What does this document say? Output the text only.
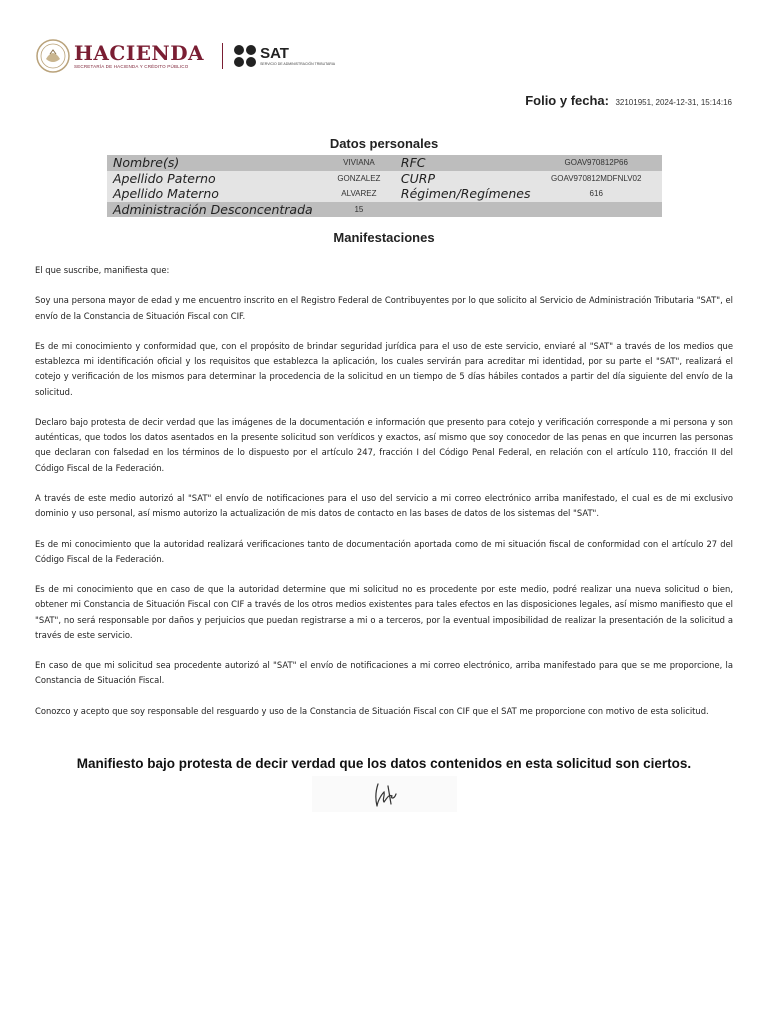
HACIENDA
SECRETARÍA DE HACIENDA Y CRÉDITO PÚBLICO
SAT
SERVICIO DE ADMINISTRACIÓN TRIBUTARIA
Folio y fecha: 32101951, 2024-12-31, 15:14:16
Datos personales
Nombre(s)	VIVIANA	RFC	GOAV970812P66
Apellido Paterno	GONZALEZ	CURP	GOAV970812MDFNLV02
Apellido Materno	ALVAREZ	Régimen/Regímenes	616
Administración Desconcentrada	15		
Manifestaciones

El que suscribe, manifiesta que:

Soy una persona mayor de edad y me encuentro inscrito en el Registro Federal de Contribuyentes por lo que solicito al Servicio de Administración Tributaria "SAT", el envío de la Constancia de Situación Fiscal con CIF.

Es de mi conocimiento y conformidad que, con el propósito de brindar seguridad jurídica para el uso de este servicio, enviaré al "SAT" a través de los medios que establezca mi identificación oficial y los requisitos que establezca la aplicación, los cuales servirán para acreditar mi identidad, por su parte el "SAT", realizará el cotejo y verificación de los mismos para determinar la procedencia de la solicitud en un tiempo de 5 días hábiles contados a partir del día siguiente del envío de la solicitud.

Declaro bajo protesta de decir verdad que las imágenes de la documentación e información que presento para cotejo y verificación corresponde a mi persona y son auténticas, que todos los datos asentados en la presente solicitud son verídicos y exactos, así mismo que soy conocedor de las penas en que incurren las personas que declaran con falsedad en los términos de lo dispuesto por el artículo 247, fracción I del Código Penal Federal, en relación con el artículo 110, fracción II del Código Fiscal de la Federación.

A través de este medio autorizó al "SAT" el envío de notificaciones para el uso del servicio a mi correo electrónico arriba manifestado, el cual es de mi exclusivo dominio y uso personal, así mismo autorizo la actualización de mis datos de contacto en las bases de datos de los sistemas del "SAT".

Es de mi conocimiento que la autoridad realizará verificaciones tanto de documentación aportada como de mi situación fiscal de conformidad con el artículo 27 del Código Fiscal de la Federación.

Es de mi conocimiento que en caso de que la autoridad determine que mi solicitud no es procedente por este medio, podré realizar una nueva solicitud o bien, obtener mi Constancia de Situación Fiscal con CIF a través de los otros medios existentes para tales efectos en las disposiciones legales, así mismo manifiesto que el "SAT", no será responsable por daños y perjuicios que puedan registrarse a mi o a terceros, por la eventual imposibilidad de realizar la presentación de la solicitud a través de este servicio.

En caso de que mi solicitud sea procedente autorizó al "SAT" el envío de notificaciones a mi correo electrónico, arriba manifestado para que se me proporcione, la Constancia de Situación Fiscal.

Conozco y acepto que soy responsable del resguardo y uso de la Constancia de Situación Fiscal con CIF que el SAT me proporcione con motivo de esta solicitud.

Manifiesto bajo protesta de decir verdad que los datos contenidos en esta solicitud son ciertos.
